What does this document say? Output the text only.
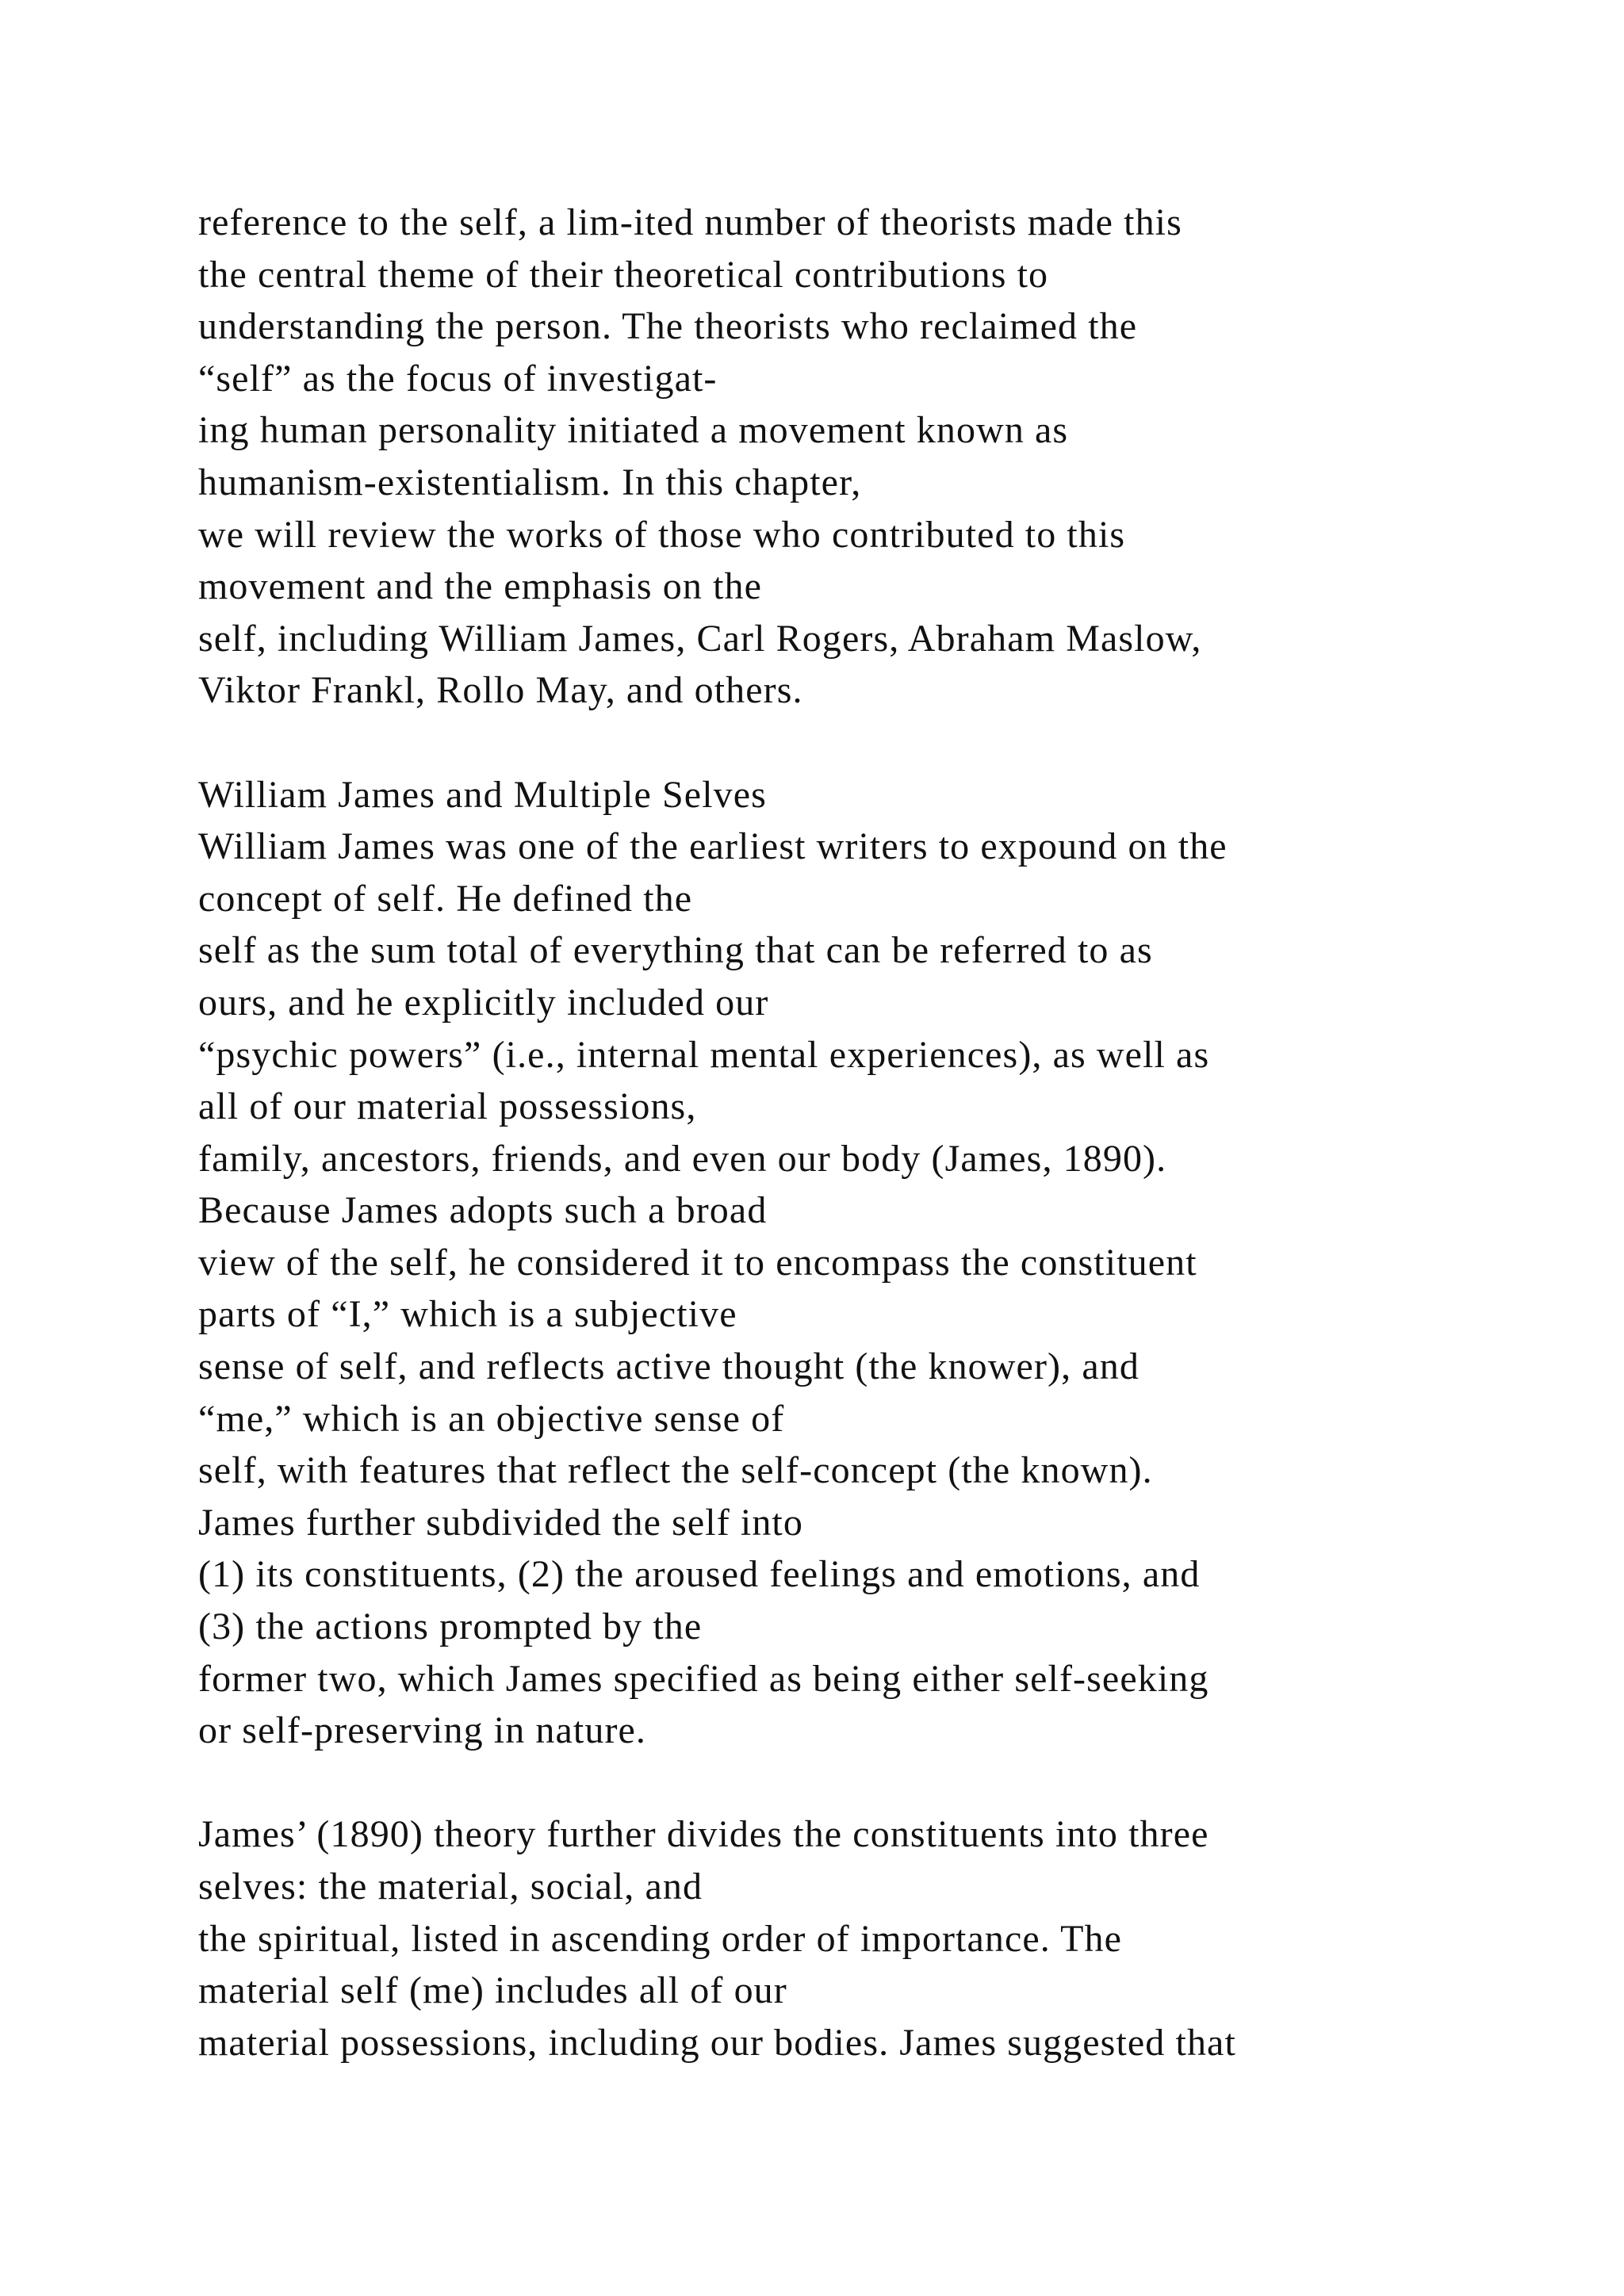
reference to the self, a lim-ited number of theorists made this
the central theme of their theoretical contributions to
understanding the person. The theorists who reclaimed the
“self” as the focus of investigat-
ing human personality initiated a movement known as
humanism-existentialism. In this chapter,
we will review the works of those who contributed to this
movement and the emphasis on the
self, including William James, Carl Rogers, Abraham Maslow,
Viktor Frankl, Rollo May, and others.
William James and Multiple Selves
William James was one of the earliest writers to expound on the
concept of self. He defined the
self as the sum total of everything that can be referred to as
ours, and he explicitly included our
“psychic powers” (i.e., internal mental experiences), as well as
all of our material possessions,
family, ancestors, friends, and even our body (James, 1890).
Because James adopts such a broad
view of the self, he considered it to encompass the constituent
parts of “I,” which is a subjective
sense of self, and reflects active thought (the knower), and
“me,” which is an objective sense of
self, with features that reflect the self-concept (the known).
James further subdivided the self into
(1) its constituents, (2) the aroused feelings and emotions, and
(3) the actions prompted by the
former two, which James specified as being either self-seeking
or self-preserving in nature.
James’ (1890) theory further divides the constituents into three
selves: the material, social, and
the spiritual, listed in ascending order of importance. The
material self (me) includes all of our
material possessions, including our bodies. James suggested that
